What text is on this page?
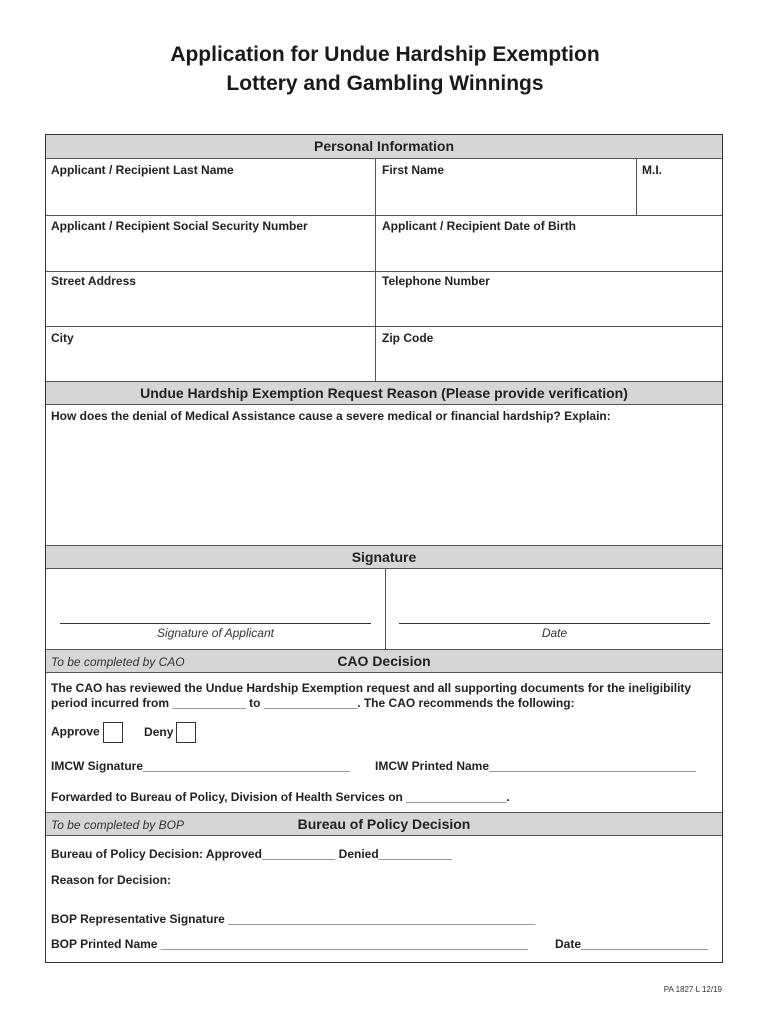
Application for Undue Hardship Exemption
Lottery and Gambling Winnings
Personal Information
Applicant / Recipient Last Name	First Name	M.I.
Applicant / Recipient Social Security Number	Applicant / Recipient Date of Birth
Street Address	Telephone Number
City	Zip Code
Undue Hardship Exemption Request Reason (Please provide verification)
How does the denial of Medical Assistance cause a severe medical or financial hardship? Explain:
Signature
Signature of Applicant	Date
To be completed by CAO	CAO Decision
The CAO has reviewed the Undue Hardship Exemption request and all supporting documents for the ineligibility
period incurred from ___________ to ______________. The CAO recommends the following:
Approve	Deny
IMCW Signature_______________________________ IMCW Printed Name_______________________________
Forwarded to Bureau of Policy, Division of Health Services on _______________.
To be completed by BOP	Bureau of Policy Decision
Bureau of Policy Decision: Approved___________ Denied___________
Reason for Decision:
BOP Representative Signature ______________________________________________
BOP Printed Name _______________________________________________________ Date___________________
PA 1827 L 12/19
